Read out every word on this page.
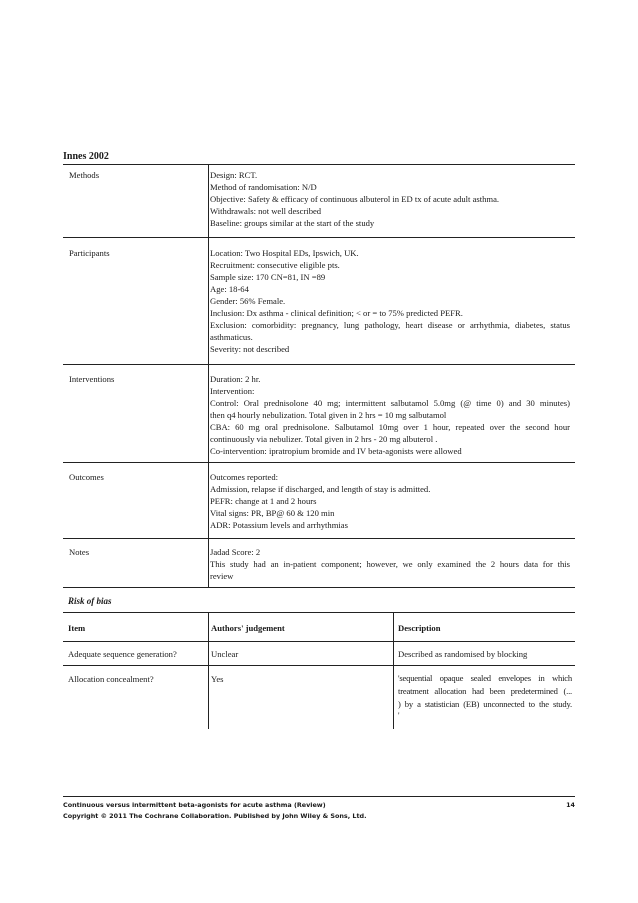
Innes 2002
Methods	Design: RCT.
Method of randomisation: N/D
Objective: Safety & efficacy of continuous albuterol in ED tx of acute adult asthma.
Withdrawals: not well described
Baseline: groups similar at the start of the study
Participants	Location: Two Hospital EDs, Ipswich, UK.
Recruitment: consecutive eligible pts.
Sample size: 170 CN=81, IN =89
Age: 18-64
Gender: 56% Female.
Inclusion: Dx asthma - clinical definition; < or = to 75% predicted PEFR.
Exclusion: comorbidity: pregnancy, lung pathology, heart disease or arrhythmia, diabetes, status
asthmaticus.
Severity: not described
Interventions	Duration: 2 hr.
Intervention:
Control: Oral prednisolone 40 mg; intermittent salbutamol 5.0mg (@ time 0) and 30 minutes)
then q4 hourly nebulization. Total given in 2 hrs = 10 mg salbutamol
CBA: 60 mg oral prednisolone. Salbutamol 10mg over 1 hour, repeated over the second hour
continuously via nebulizer. Total given in 2 hrs - 20 mg albuterol .
Co-intervention: ipratropium bromide and IV beta-agonists were allowed
Outcomes	Outcomes reported:
Admission, relapse if discharged, and length of stay is admitted.
PEFR: change at 1 and 2 hours
Vital signs: PR, BP@ 60 & 120 min
ADR: Potassium levels and arrhythmias
Notes	Jadad Score: 2
This study had an in-patient component; however, we only examined the 2 hours data for this
review
Risk of bias
Item	Authors' judgement	Description
Adequate sequence generation?	Unclear	Described as randomised by blocking
Allocation concealment?	Yes	'sequential opaque sealed envelopes in which
treatment allocation had been predetermined (...
) by a statistician (EB) unconnected to the study.
'
Continuous versus intermittent beta-agonists for acute asthma (Review)	14
Copyright © 2011 The Cochrane Collaboration. Published by John Wiley & Sons, Ltd.
